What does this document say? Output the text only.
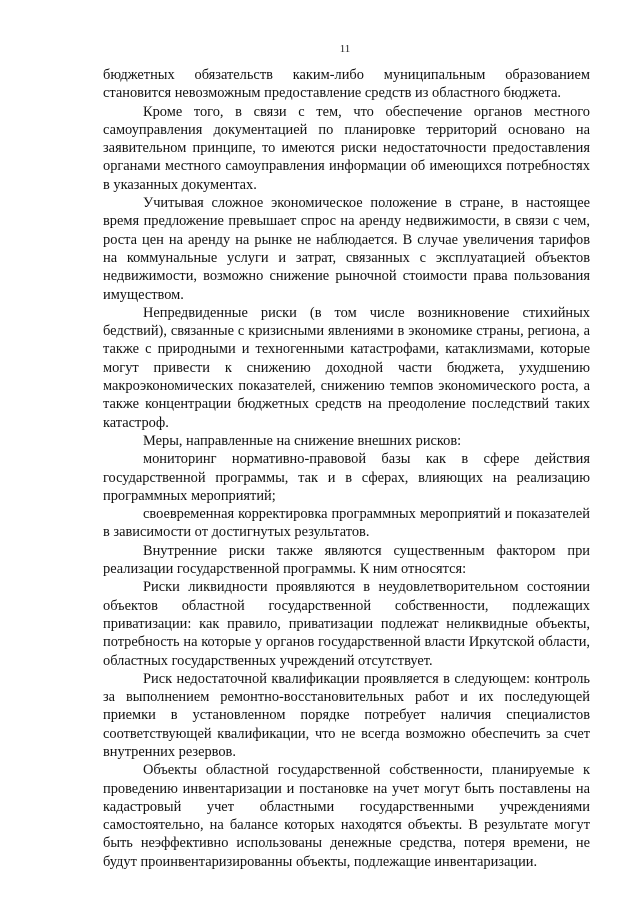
11

бюджетных обязательств каким-либо муниципальным образованием становится невозможным предоставление средств из областного бюджета.

Кроме того, в связи с тем, что обеспечение органов местного самоуправления документацией по планировке территорий основано на заявительном принципе, то имеются риски недостаточности предоставления органами местного самоуправления информации об имеющихся потребностях в указанных документах.

Учитывая сложное экономическое положение в стране, в настоящее время предложение превышает спрос на аренду недвижимости, в связи с чем, роста цен на аренду на рынке не наблюдается. В случае увеличения тарифов на коммунальные услуги и затрат, связанных с эксплуатацией объектов недвижимости, возможно снижение рыночной стоимости права пользования имуществом.

Непредвиденные риски (в том числе возникновение стихийных бедствий), связанные с кризисными явлениями в экономике страны, региона, а также с природными и техногенными катастрофами, катаклизмами, которые могут привести к снижению доходной части бюджета, ухудшению макроэкономических показателей, снижению темпов экономического роста, а также концентрации бюджетных средств на преодоление последствий таких катастроф.

Меры, направленные на снижение внешних рисков:

мониторинг нормативно-правовой базы как в сфере действия государственной программы, так и в сферах, влияющих на реализацию программных мероприятий;

своевременная корректировка программных мероприятий и показателей в зависимости от достигнутых результатов.

Внутренние риски также являются существенным фактором при реализации государственной программы. К ним относятся:

Риски ликвидности проявляются в неудовлетворительном состоянии объектов областной государственной собственности, подлежащих приватизации: как правило, приватизации подлежат неликвидные объекты, потребность на которые у органов государственной власти Иркутской области, областных государственных учреждений отсутствует.

Риск недостаточной квалификации проявляется в следующем: контроль за выполнением ремонтно-восстановительных работ и их последующей приемки в установленном порядке потребует наличия специалистов соответствующей квалификации, что не всегда возможно обеспечить за счет внутренних резервов.

Объекты областной государственной собственности, планируемые к проведению инвентаризации и постановке на учет могут быть поставлены на кадастровый учет областными государственными учреждениями самостоятельно, на балансе которых находятся объекты. В результате могут быть неэффективно использованы денежные средства, потеря времени, не будут проинвентаризированны объекты, подлежащие инвентаризации.
